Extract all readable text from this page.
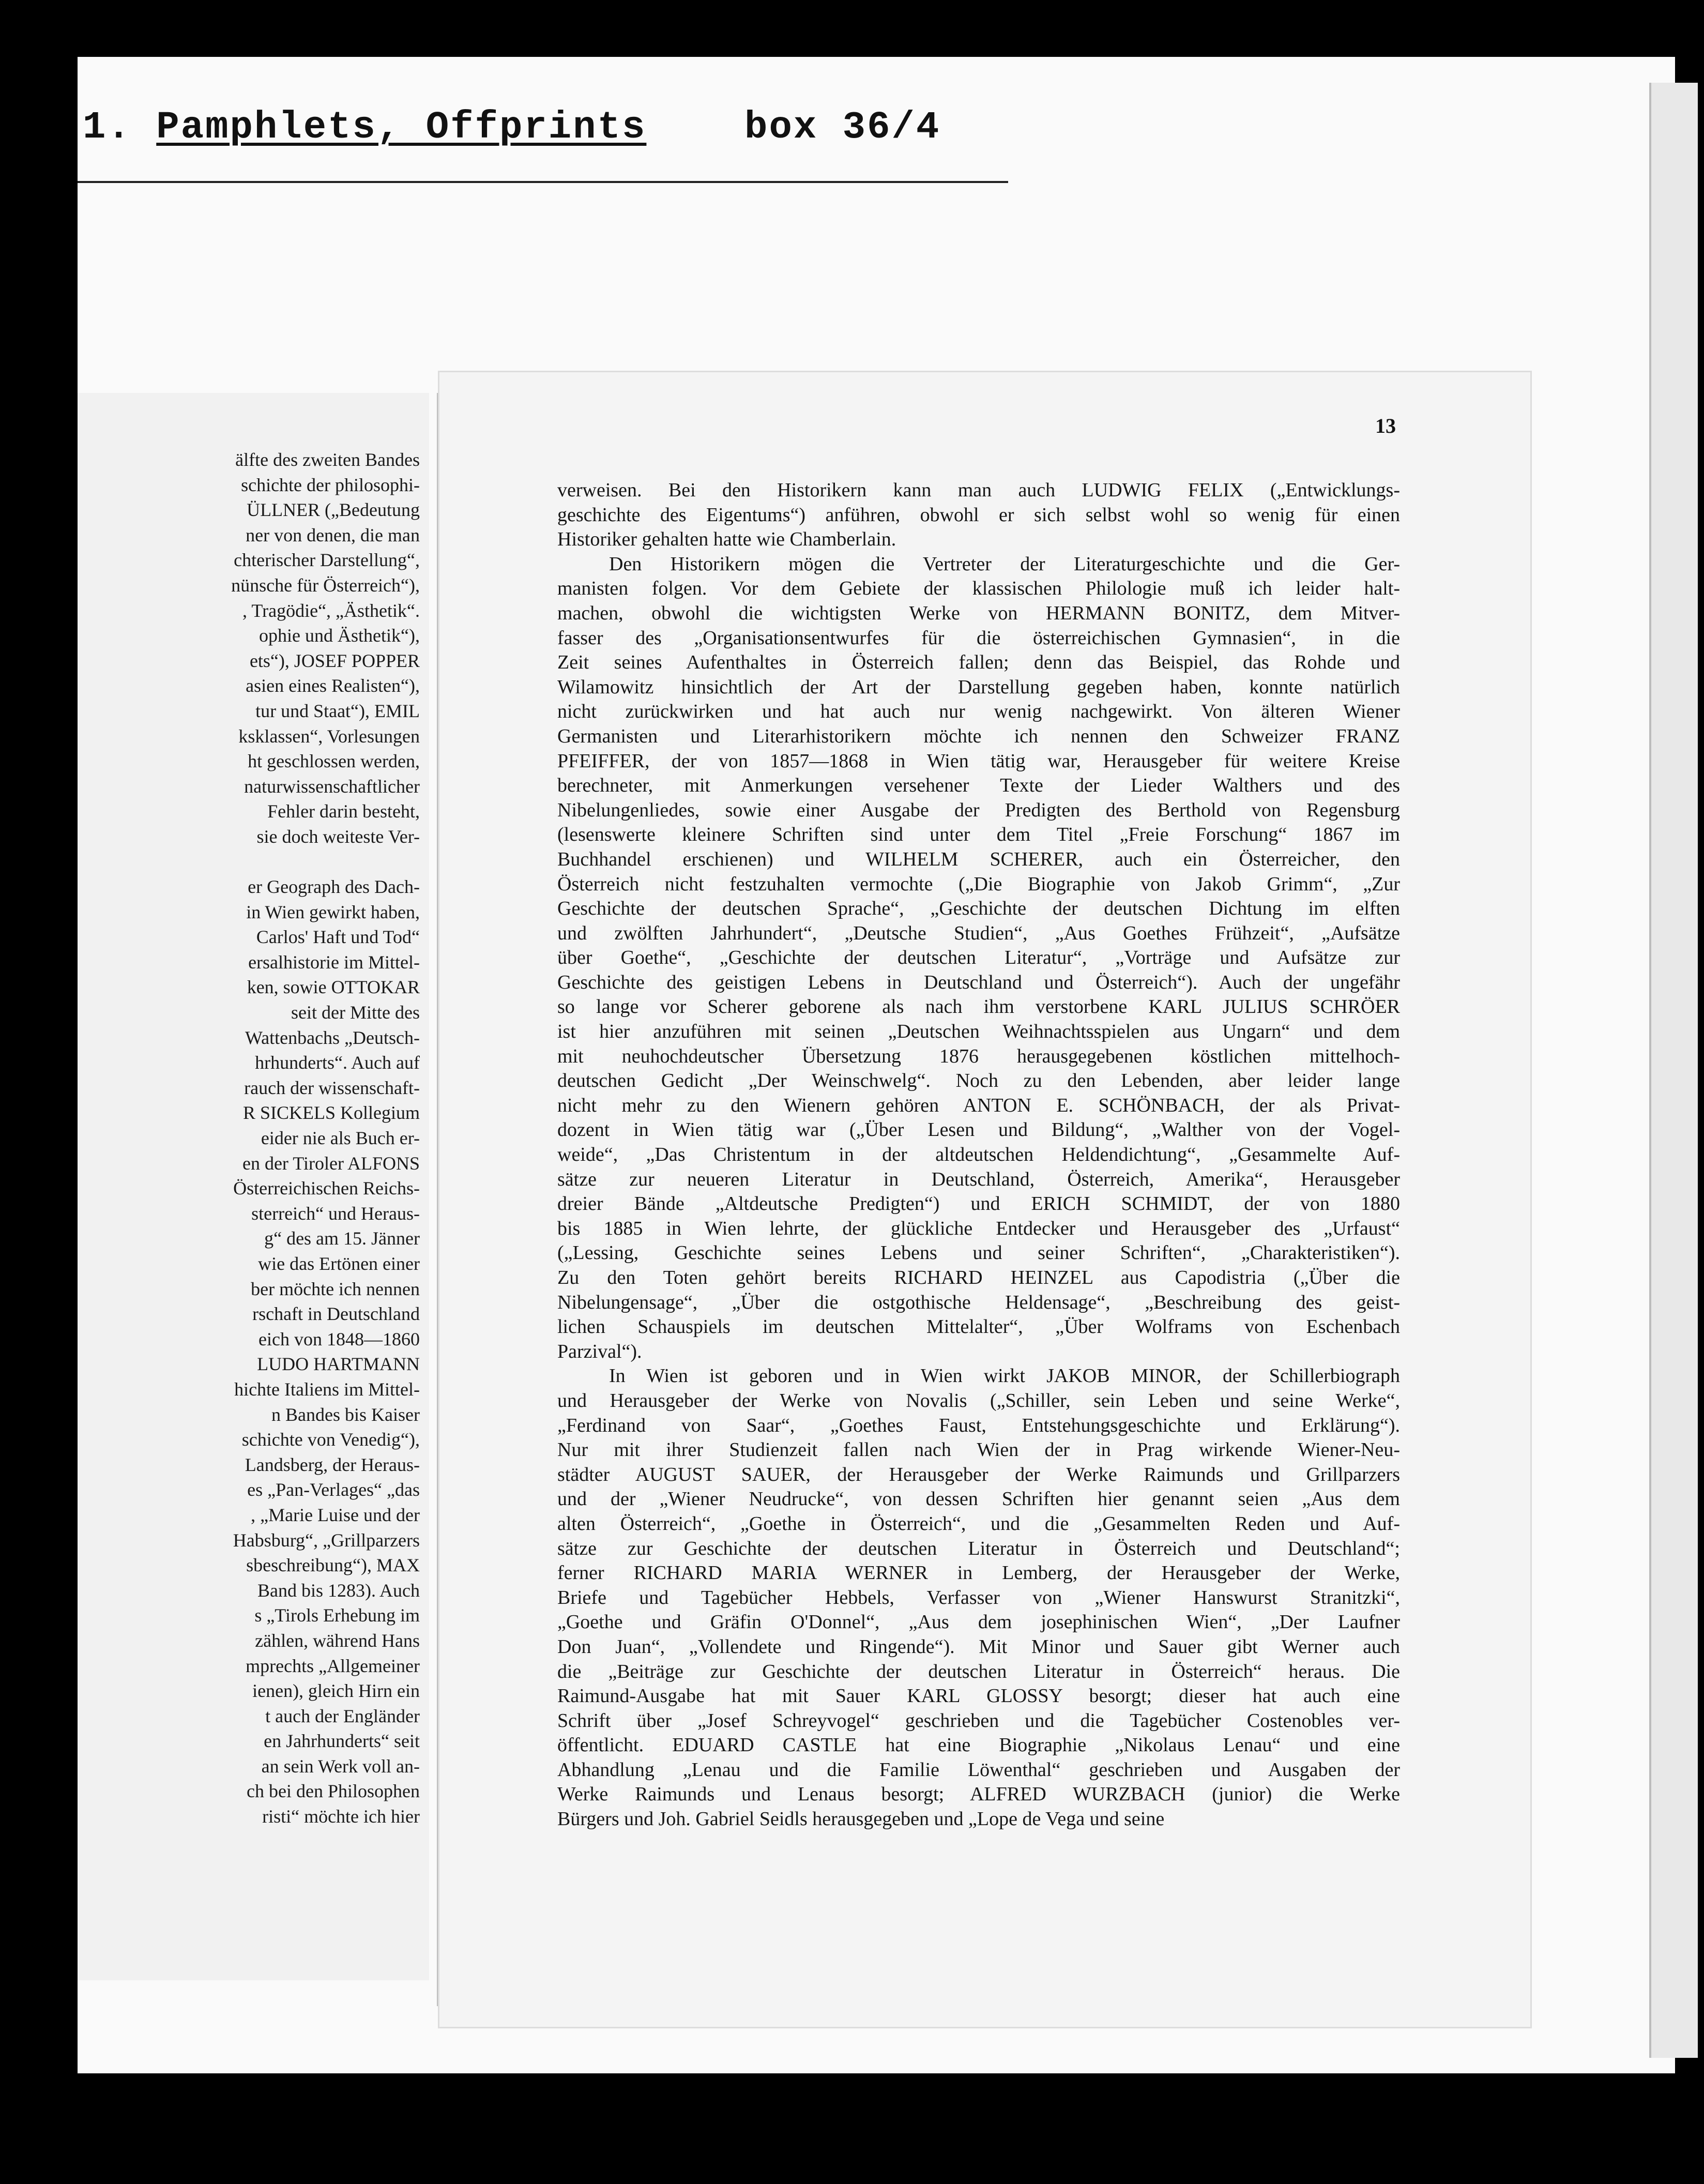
1. Pamphlets, Offprints	box 36/4
älfte des zweiten Bandes
schichte der philosophi-
ÜLLNER („Bedeutung
ner von denen, die man
chterischer Darstellung“,
nünsche für Österreich“),
, Tragödie“, „Ästhetik“.
ophie und Ästhetik“),
ets“), JOSEF POPPER
asien eines Realisten“),
tur und Staat“), EMIL
ksklassen“, Vorlesungen
ht geschlossen werden,
naturwissenschaftlicher
Fehler darin besteht,
sie doch weiteste Ver-
er Geograph des Dach-
in Wien gewirkt haben,
Carlos' Haft und Tod“
ersalhistorie im Mittel-
ken, sowie OTTOKAR
seit der Mitte des
Wattenbachs „Deutsch-
hrhunderts“. Auch auf
rauch der wissenschaft-
R SICKELS Kollegium
eider nie als Buch er-
en der Tiroler ALFONS
Österreichischen Reichs-
sterreich“ und Heraus-
g“ des am 15. Jänner
wie das Ertönen einer
ber möchte ich nennen
rschaft in Deutschland
eich von 1848—1860
LUDO HARTMANN
hichte Italiens im Mittel-
n Bandes bis Kaiser
schichte von Venedig“),
Landsberg, der Heraus-
es „Pan-Verlages“ „das
, „Marie Luise und der
Habsburg“, „Grillparzers
sbeschreibung“), MAX
Band bis 1283). Auch
s „Tirols Erhebung im
zählen, während Hans
mprechts „Allgemeiner
ienen), gleich Hirn ein
t auch der Engländer
en Jahrhunderts“ seit
an sein Werk voll an-
ch bei den Philosophen
risti“ möchte ich hier
13

verweisen. Bei den Historikern kann man auch LUDWIG FELIX („Entwicklungs-
geschichte des Eigentums“) anführen, obwohl er sich selbst wohl so wenig für einen
Historiker gehalten hatte wie Chamberlain.

Den Historikern mögen die Vertreter der Literaturgeschichte und die Ger-
manisten folgen. Vor dem Gebiete der klassischen Philologie muß ich leider halt-
machen, obwohl die wichtigsten Werke von HERMANN BONITZ, dem Mitver-
fasser des „Organisationsentwurfes für die österreichischen Gymnasien“, in die
Zeit seines Aufenthaltes in Österreich fallen; denn das Beispiel, das Rohde und
Wilamowitz hinsichtlich der Art der Darstellung gegeben haben, konnte natürlich
nicht zurückwirken und hat auch nur wenig nachgewirkt. Von älteren Wiener
Germanisten und Literarhistorikern möchte ich nennen den Schweizer FRANZ
PFEIFFER, der von 1857—1868 in Wien tätig war, Herausgeber für weitere Kreise
berechneter, mit Anmerkungen versehener Texte der Lieder Walthers und des
Nibelungenliedes, sowie einer Ausgabe der Predigten des Berthold von Regensburg
(lesenswerte kleinere Schriften sind unter dem Titel „Freie Forschung“ 1867 im
Buchhandel erschienen) und WILHELM SCHERER, auch ein Österreicher, den
Österreich nicht festzuhalten vermochte („Die Biographie von Jakob Grimm“, „Zur
Geschichte der deutschen Sprache“, „Geschichte der deutschen Dichtung im elften
und zwölften Jahrhundert“, „Deutsche Studien“, „Aus Goethes Frühzeit“, „Aufsätze
über Goethe“, „Geschichte der deutschen Literatur“, „Vorträge und Aufsätze zur
Geschichte des geistigen Lebens in Deutschland und Österreich“). Auch der ungefähr
so lange vor Scherer geborene als nach ihm verstorbene KARL JULIUS SCHRÖER
ist hier anzuführen mit seinen „Deutschen Weihnachtsspielen aus Ungarn“ und dem
mit neuhochdeutscher Übersetzung 1876 herausgegebenen köstlichen mittelhoch-
deutschen Gedicht „Der Weinschwelg“. Noch zu den Lebenden, aber leider lange
nicht mehr zu den Wienern gehören ANTON E. SCHÖNBACH, der als Privat-
dozent in Wien tätig war („Über Lesen und Bildung“, „Walther von der Vogel-
weide“, „Das Christentum in der altdeutschen Heldendichtung“, „Gesammelte Auf-
sätze zur neueren Literatur in Deutschland, Österreich, Amerika“, Herausgeber
dreier Bände „Altdeutsche Predigten“) und ERICH SCHMIDT, der von 1880
bis 1885 in Wien lehrte, der glückliche Entdecker und Herausgeber des „Urfaust“
(„Lessing, Geschichte seines Lebens und seiner Schriften“, „Charakteristiken“).
Zu den Toten gehört bereits RICHARD HEINZEL aus Capodistria („Über die
Nibelungensage“, „Über die ostgothische Heldensage“, „Beschreibung des geist-
lichen Schauspiels im deutschen Mittelalter“, „Über Wolframs von Eschenbach
Parzival“).

In Wien ist geboren und in Wien wirkt JAKOB MINOR, der Schillerbiograph
und Herausgeber der Werke von Novalis („Schiller, sein Leben und seine Werke“,
„Ferdinand von Saar“, „Goethes Faust, Entstehungsgeschichte und Erklärung“).
Nur mit ihrer Studienzeit fallen nach Wien der in Prag wirkende Wiener-Neu-
städter AUGUST SAUER, der Herausgeber der Werke Raimunds und Grillparzers
und der „Wiener Neudrucke“, von dessen Schriften hier genannt seien „Aus dem
alten Österreich“, „Goethe in Österreich“, und die „Gesammelten Reden und Auf-
sätze zur Geschichte der deutschen Literatur in Österreich und Deutschland“;
ferner RICHARD MARIA WERNER in Lemberg, der Herausgeber der Werke,
Briefe und Tagebücher Hebbels, Verfasser von „Wiener Hanswurst Stranitzki“,
„Goethe und Gräfin O'Donnel“, „Aus dem josephinischen Wien“, „Der Laufner
Don Juan“, „Vollendete und Ringende“). Mit Minor und Sauer gibt Werner auch
die „Beiträge zur Geschichte der deutschen Literatur in Österreich“ heraus. Die
Raimund-Ausgabe hat mit Sauer KARL GLOSSY besorgt; dieser hat auch eine
Schrift über „Josef Schreyvogel“ geschrieben und die Tagebücher Costenobles ver-
öffentlicht. EDUARD CASTLE hat eine Biographie „Nikolaus Lenau“ und eine
Abhandlung „Lenau und die Familie Löwenthal“ geschrieben und Ausgaben der
Werke Raimunds und Lenaus besorgt; ALFRED WURZBACH (junior) die Werke
Bürgers und Joh. Gabriel Seidls herausgegeben und „Lope de Vega und seine
